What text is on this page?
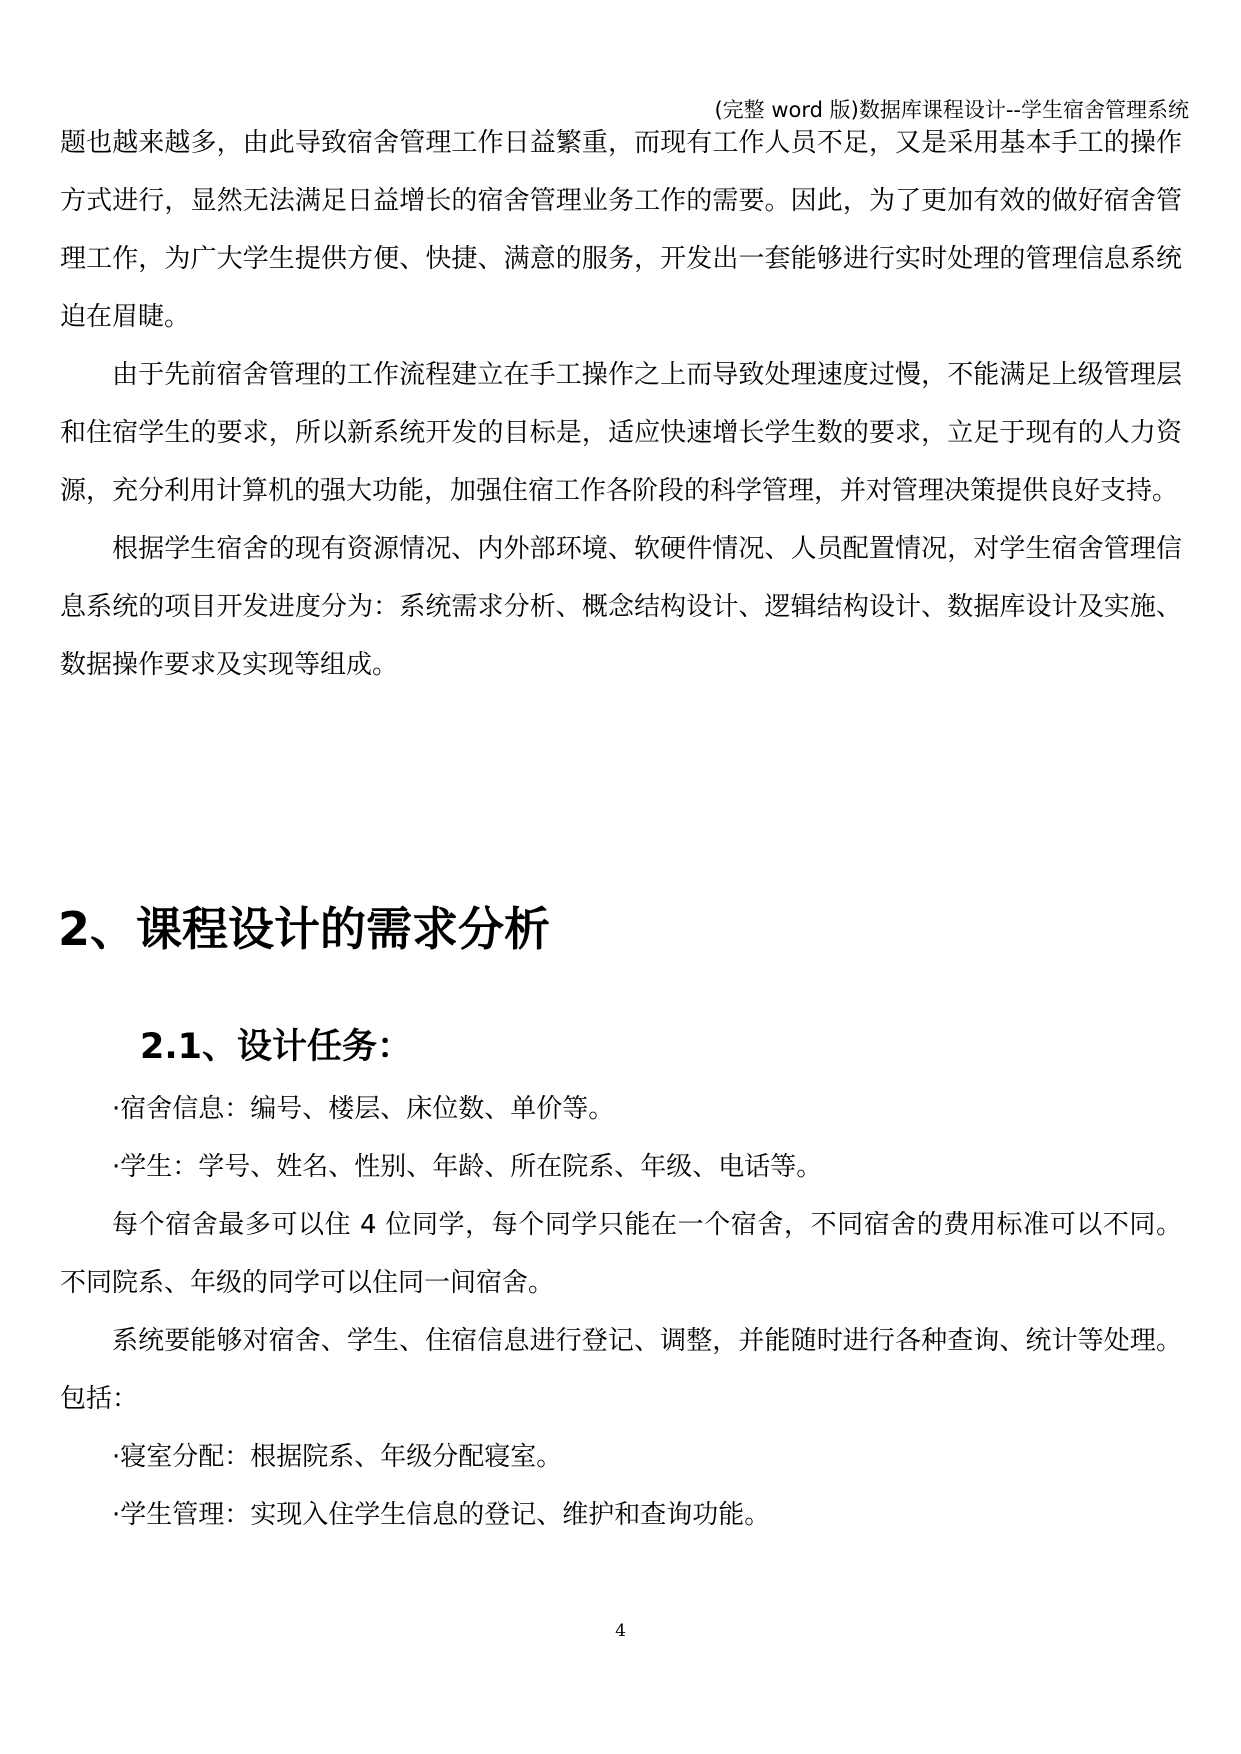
(完整 word 版)数据库课程设计--学生宿舍管理系统

题也越来越多，由此导致宿舍管理工作日益繁重，而现有工作人员不足，又是采用基本手工的操作方式进行，显然无法满足日益增长的宿舍管理业务工作的需要。因此，为了更加有效的做好宿舍管理工作，为广大学生提供方便、快捷、满意的服务，开发出一套能够进行实时处理的管理信息系统迫在眉睫。

由于先前宿舍管理的工作流程建立在手工操作之上而导致处理速度过慢，不能满足上级管理层和住宿学生的要求，所以新系统开发的目标是，适应快速增长学生数的要求，立足于现有的人力资源，充分利用计算机的强大功能，加强住宿工作各阶段的科学管理，并对管理决策提供良好支持。

根据学生宿舍的现有资源情况、内外部环境、软硬件情况、人员配置情况，对学生宿舍管理信息系统的项目开发进度分为：系统需求分析、概念结构设计、逻辑结构设计、数据库设计及实施、数据操作要求及实现等组成。

2、课程设计的需求分析
2.1、设计任务：

·宿舍信息：编号、楼层、床位数、单价等。

·学生：学号、姓名、性别、年龄、所在院系、年级、电话等。

每个宿舍最多可以住 4 位同学，每个同学只能在一个宿舍，不同宿舍的费用标准可以不同。不同院系、年级的同学可以住同一间宿舍。

系统要能够对宿舍、学生、住宿信息进行登记、调整，并能随时进行各种查询、统计等处理。包括：

·寝室分配：根据院系、年级分配寝室。

·学生管理：实现入住学生信息的登记、维护和查询功能。

4
